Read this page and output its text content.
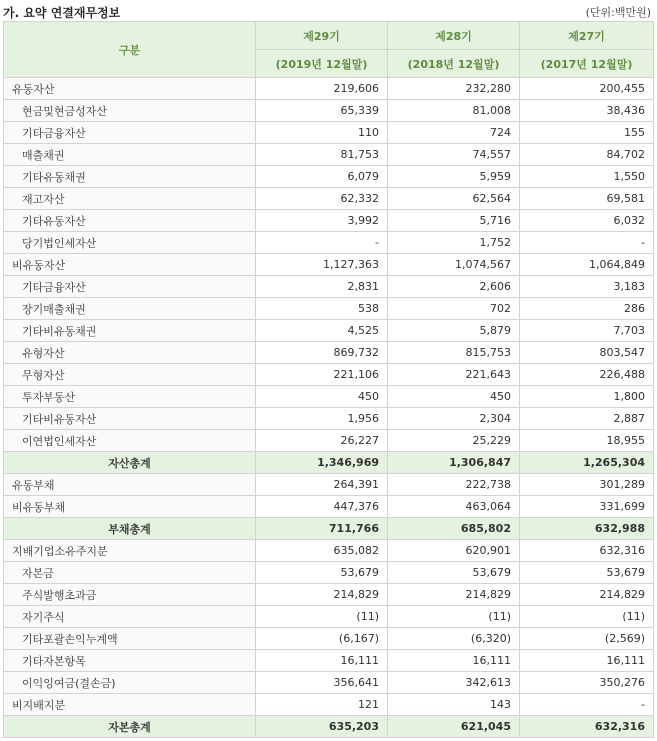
가. 요약 연결재무정보	(단위:백만원)
구분	제29기	제28기	제27기
	(2019년 12월말)	(2018년 12월말)	(2017년 12월말)
유동자산	219,606	232,280	200,455
현금및현금성자산	65,339	81,008	38,436
기타금융자산	110	724	155
매출채권	81,753	74,557	84,702
기타유동채권	6,079	5,959	1,550
재고자산	62,332	62,564	69,581
기타유동자산	3,992	5,716	6,032
당기법인세자산	-	1,752	-
비유동자산	1,127,363	1,074,567	1,064,849
기타금융자산	2,831	2,606	3,183
장기매출채권	538	702	286
기타비유동채권	4,525	5,879	7,703
유형자산	869,732	815,753	803,547
무형자산	221,106	221,643	226,488
투자부동산	450	450	1,800
기타비유동자산	1,956	2,304	2,887
이연법인세자산	26,227	25,229	18,955
자산총계	1,346,969	1,306,847	1,265,304
유동부채	264,391	222,738	301,289
비유동부채	447,376	463,064	331,699
부채총계	711,766	685,802	632,988
지배기업소유주지분	635,082	620,901	632,316
자본금	53,679	53,679	53,679
주식발행초과금	214,829	214,829	214,829
자기주식	(11)	(11)	(11)
기타포괄손익누계액	(6,167)	(6,320)	(2,569)
기타자본항목	16,111	16,111	16,111
이익잉여금(결손금)	356,641	342,613	350,276
비지배지분	121	143	-
자본총계	635,203	621,045	632,316
